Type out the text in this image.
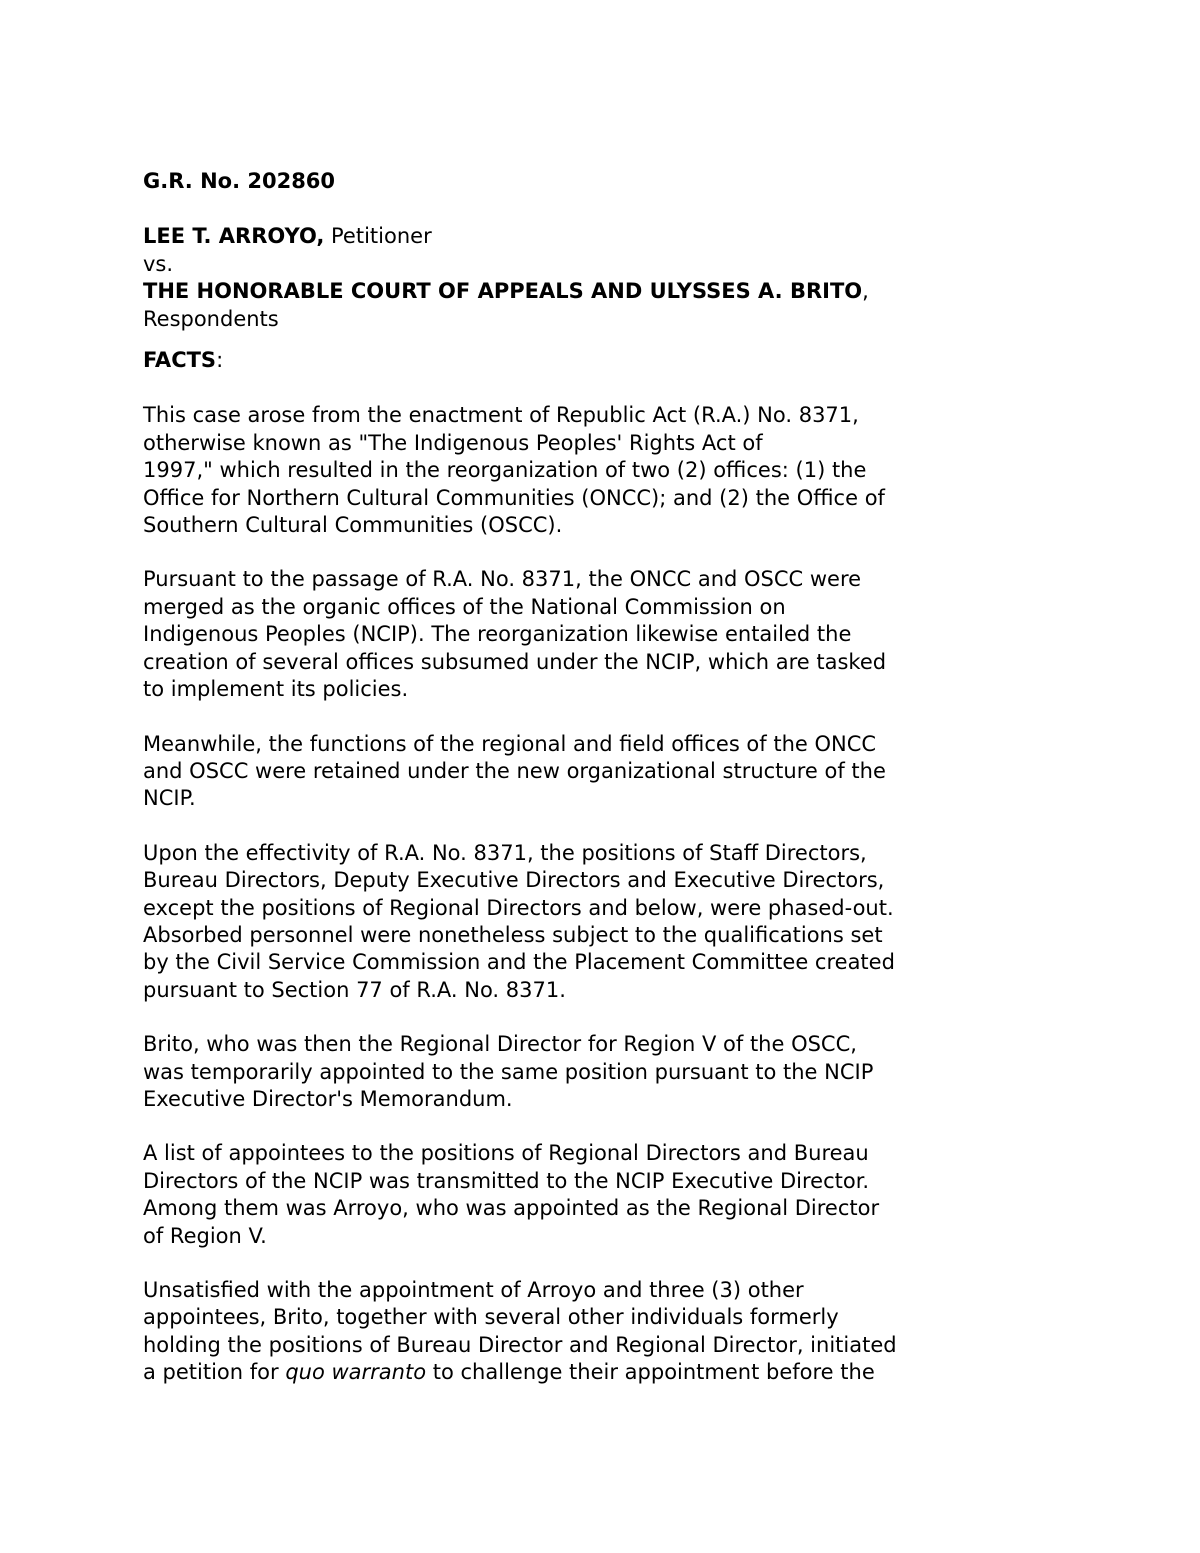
G.R. No. 202860

LEE T. ARROYO, Petitioner

vs.

THE HONORABLE COURT OF APPEALS AND ULYSSES A. BRITO,

Respondents

FACTS:

This case arose from the enactment of Republic Act (R.A.) No. 8371,
otherwise known as "The Indigenous Peoples' Rights Act of
1997," which resulted in the reorganization of two (2) offices: (1) the
Office for Northern Cultural Communities (ONCC); and (2) the Office of
Southern Cultural Communities (OSCC).

Pursuant to the passage of R.A. No. 8371, the ONCC and OSCC were
merged as the organic offices of the National Commission on
Indigenous Peoples (NCIP). The reorganization likewise entailed the
creation of several offices subsumed under the NCIP, which are tasked
to implement its policies.

Meanwhile, the functions of the regional and field offices of the ONCC
and OSCC were retained under the new organizational structure of the
NCIP.

Upon the effectivity of R.A. No. 8371, the positions of Staff Directors,
Bureau Directors, Deputy Executive Directors and Executive Directors,
except the positions of Regional Directors and below, were phased-out.
Absorbed personnel were nonetheless subject to the qualifications set
by the Civil Service Commission and the Placement Committee created
pursuant to Section 77 of R.A. No. 8371.

Brito, who was then the Regional Director for Region V of the OSCC,
was temporarily appointed to the same position pursuant to the NCIP
Executive Director's Memorandum.

A list of appointees to the positions of Regional Directors and Bureau
Directors of the NCIP was transmitted to the NCIP Executive Director.
Among them was Arroyo, who was appointed as the Regional Director
of Region V.

Unsatisfied with the appointment of Arroyo and three (3) other
appointees, Brito, together with several other individuals formerly
holding the positions of Bureau Director and Regional Director, initiated
a petition for quo warranto to challenge their appointment before the
